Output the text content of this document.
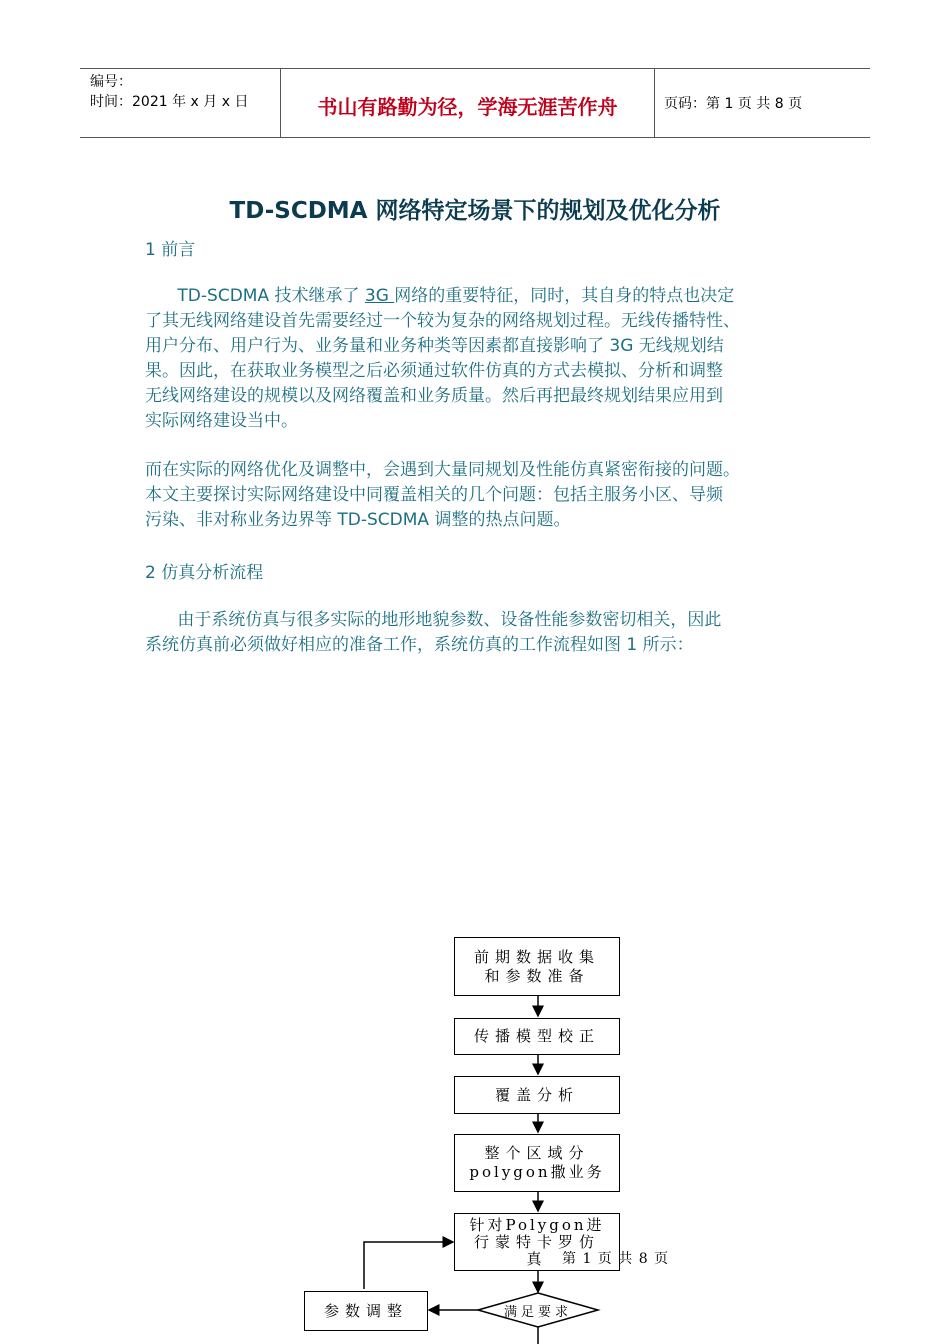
编号：
时间：2021 年 x 月 x 日	书山有路勤为径，学海无涯苦作舟	页码：第 1 页 共 8 页
TD-SCDMA 网络特定场景下的规划及优化分析
1 前言
TD-SCDMA 技术继承了 3G 网络的重要特征，同时，其自身的特点也决定
了其无线网络建设首先需要经过一个较为复杂的网络规划过程。无线传播特性、
用户分布、用户行为、业务量和业务种类等因素都直接影响了 3G 无线规划结
果。因此，在获取业务模型之后必须通过软件仿真的方式去模拟、分析和调整
无线网络建设的规模以及网络覆盖和业务质量。然后再把最终规划结果应用到
实际网络建设当中。
而在实际的网络优化及调整中，会遇到大量同规划及性能仿真紧密衔接的问题。
本文主要探讨实际网络建设中同覆盖相关的几个问题：包括主服务小区、导频
污染、非对称业务边界等 TD-SCDMA 调整的热点问题。
2 仿真分析流程
由于系统仿真与很多实际的地形地貌参数、设备性能参数密切相关，因此
系统仿真前必须做好相应的准备工作，系统仿真的工作流程如图 1 所示：
前期数据收集
和参数准备
传播模型校正
覆盖分析
整个区域分
polygon撒业务
针对Polygon进
行蒙特卡罗仿
真
满足要求
参数调整
第 1 页 共 8 页
